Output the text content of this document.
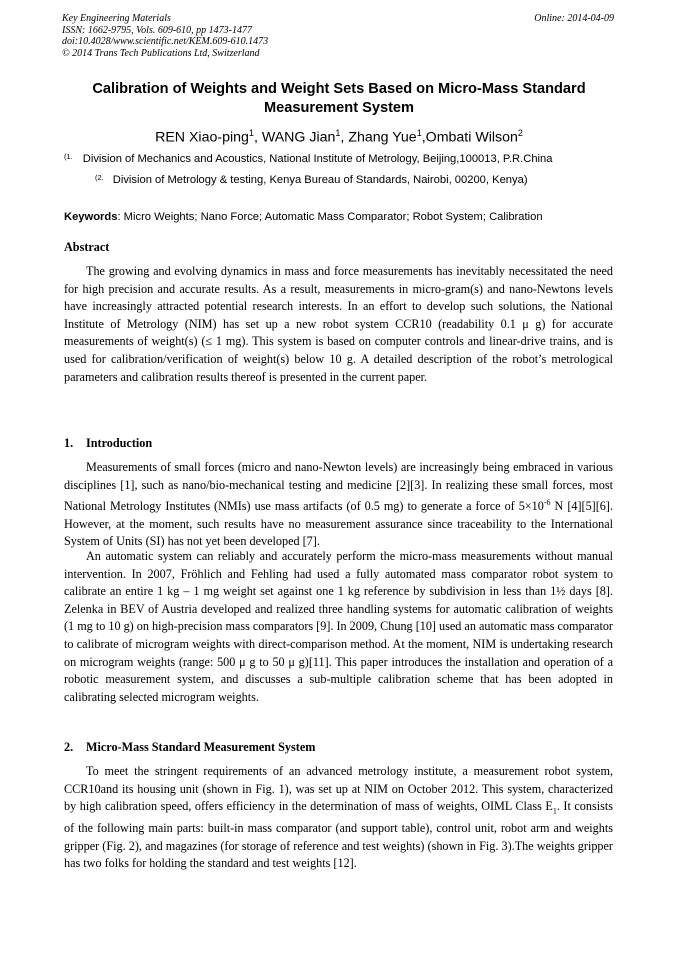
Key Engineering Materials
ISSN: 1662-9795, Vols. 609-610, pp 1473-1477
doi:10.4028/www.scientific.net/KEM.609-610.1473
© 2014 Trans Tech Publications Ltd, Switzerland
Online: 2014-04-09
Calibration of Weights and Weight Sets Based on Micro-Mass Standard
Measurement System
REN Xiao-ping$^1$, WANG Jian$^1$, Zhang Yue$^1$,Ombati Wilson$^2$
$^{(1.}$ Division of Mechanics and Acoustics, National Institute of Metrology, Beijing,100013, P.R.China
$^{(2.}$ Division of Metrology & testing, Kenya Bureau of Standards, Nairobi, 00200, Kenya)
Keywords: Micro Weights; Nano Force; Automatic Mass Comparator; Robot System; Calibration
Abstract

The growing and evolving dynamics in mass and force measurements has inevitably necessitated the need for high precision and accurate results. As a result, measurements in micro-gram(s) and nano-Newtons levels have increasingly attracted potential research interests. In an effort to develop such solutions, the National Institute of Metrology (NIM) has set up a new robot system CCR10 (readability 0.1 μ g) for accurate measurements of weight(s) (≤ 1 mg). This system is based on computer controls and linear-drive trains, and is used for calibration/verification of weight(s) below 10 g. A detailed description of the robot’s metrological parameters and calibration results thereof is presented in the current paper.

1. Introduction

Measurements of small forces (micro and nano-Newton levels) are increasingly being embraced in various disciplines [1], such as nano/bio-mechanical testing and medicine [2][3]. In realizing these small forces, most National Metrology Institutes (NMIs) use mass artifacts (of 0.5 mg) to generate a force of $5\times 10^{-6}$ N [4][5][6]. However, at the moment, such results have no measurement assurance since traceability to the International System of Units (SI) has not yet been developed [7].

An automatic system can reliably and accurately perform the micro-mass measurements without manual intervention. In 2007, Fröhlich and Fehling had used a fully automated mass comparator robot system to calibrate an entire 1 kg – 1 mg weight set against one 1 kg reference by subdivision in less than 1½ days [8]. Zelenka in BEV of Austria developed and realized three handling systems for automatic calibration of weights (1 mg to 10 g) on high-precision mass comparators [9]. In 2009, Chung [10] used an automatic mass comparator to calibrate of microgram weights with direct-comparison method. At the moment, NIM is undertaking research on microgram weights (range: 500 μ g to 50 μ g)[11]. This paper introduces the installation and operation of a robotic measurement system, and discusses a sub-multiple calibration scheme that has been adopted in calibrating selected microgram weights.

2. Micro-Mass Standard Measurement System

To meet the stringent requirements of an advanced metrology institute, a measurement robot system, CCR10and its housing unit (shown in Fig. 1), was set up at NIM on October 2012. This system, characterized by high calibration speed, offers efficiency in the determination of mass of weights, OIML Class $E_1$. It consists of the following main parts: built-in mass comparator (and support table), control unit, robot arm and weights gripper (Fig. 2), and magazines (for storage of reference and test weights) (shown in Fig. 3).The weights gripper has two folks for holding the standard and test weights [12].
